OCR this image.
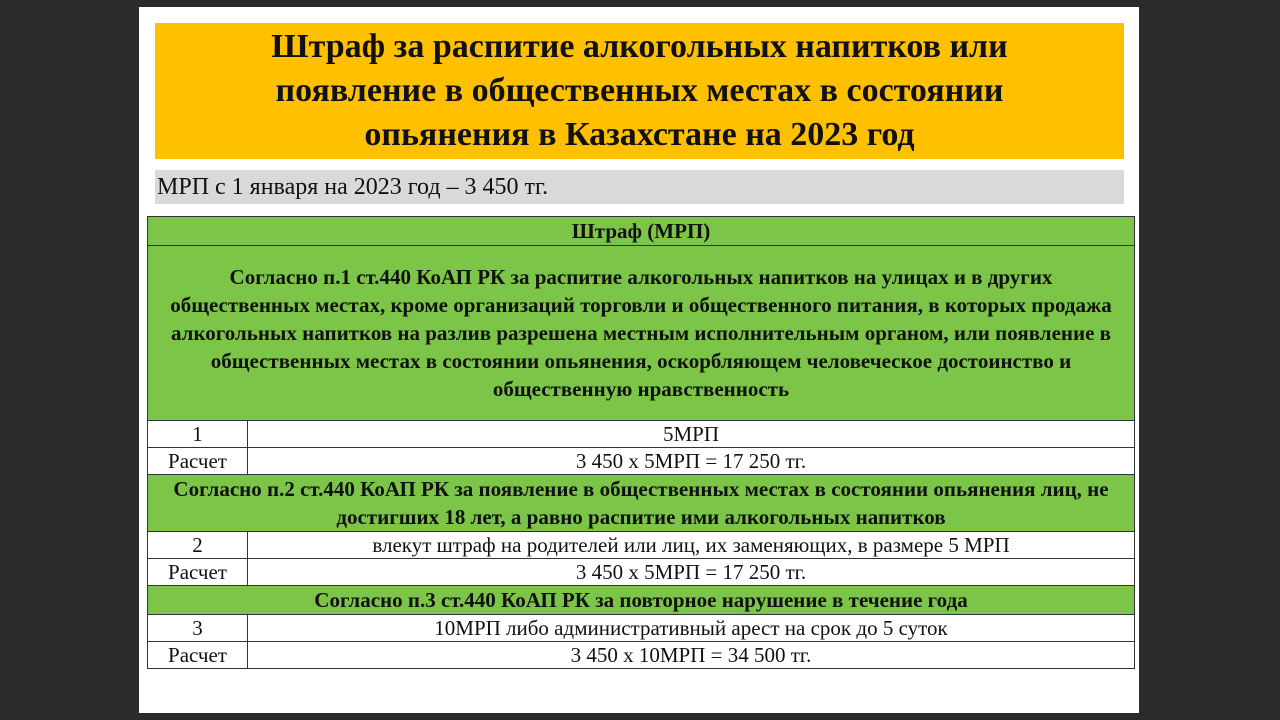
Штраф за распитие алкогольных напитков или появление в общественных местах в состоянии опьянения в Казахстане на 2023 год
МРП с 1 января на 2023 год – 3 450 тг.
Штраф (МРП)	
Согласно п.1 ст.440 КоАП РК за распитие алкогольных напитков на улицах и в других общественных местах, кроме организаций торговли и общественного питания, в которых продажа алкогольных напитков на разлив разрешена местным исполнительным органом, или появление в общественных местах в состоянии опьянения, оскорбляющем человеческое достоинство и общественную нравственность	
1	5МРП
Расчет	3 450 х 5МРП = 17 250 тг.
Согласно п.2 ст.440 КоАП РК за появление в общественных местах в состоянии опьянения лиц, не достигших 18 лет, а равно распитие ими алкогольных напитков	
2	влекут штраф на родителей или лиц, их заменяющих, в размере 5 МРП
Расчет	3 450 х 5МРП = 17 250 тг.
Согласно п.3 ст.440 КоАП РК за повторное нарушение в течение года	
3	10МРП либо административный арест на срок до 5 суток
Расчет	3 450 х 10МРП = 34 500 тг.
